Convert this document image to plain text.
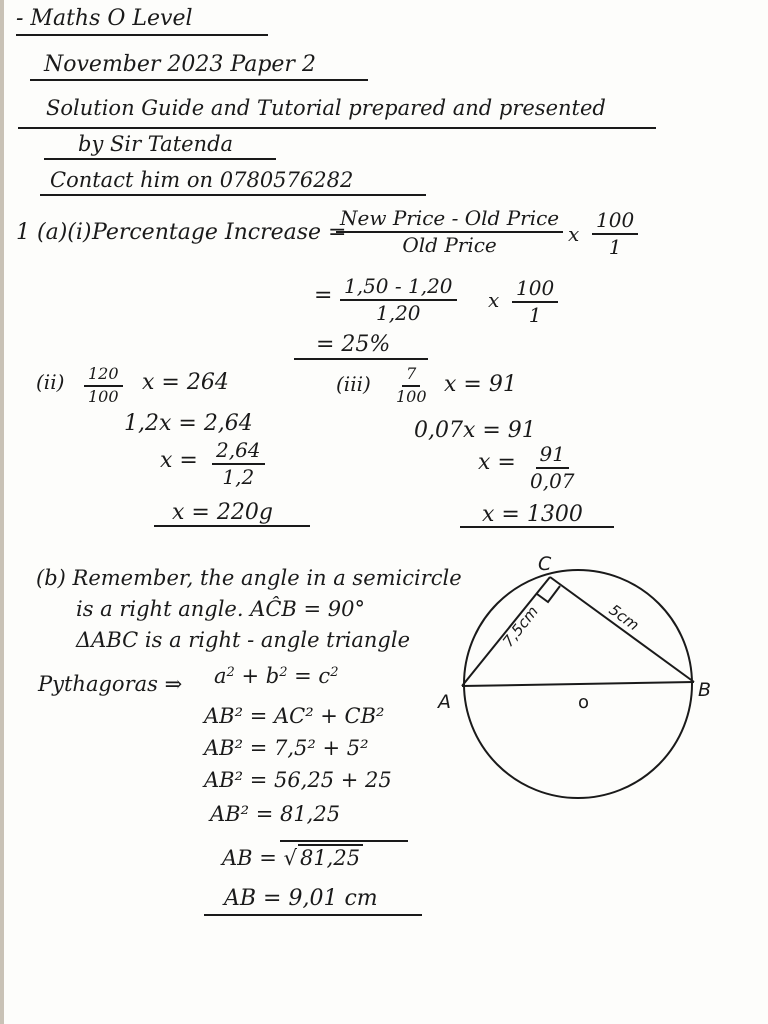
- Maths O Level
November 2023 Paper 2
Solution Guide and Tutorial prepared and presented
by Sir Tatenda
Contact him on 0780576282
1 (a)(i) Percentage Increase =
New Price - Old Price
Old Price	x $\frac{100}{1}$
= $\frac{1,50 - 1,20}{1,20}$ x $\frac{100}{1}$
= 25%
$(ii) \frac{120}{100}$ x = 264
1,2x = 2,64
$x = \frac{2,64}{1,2}$
x = 220g
$(iii) \frac{7}{100}$ x = 91
0,07x = 91
$x = \frac{91}{0,07}$
x = 1300
(b) Remember, the angle in a semicircle
is a right angle. AĈB = 90°
ΔABC is a right - angle triangle
Pythagoras ⇒ $a^2 + b^2 = c^2$
AB² = AC² + CB²
AB² = 7,5² + 5²
AB² = 56,25 + 25
AB² = 81,25
AB = √ 81,25
AB = 9,01 cm
A
B
C
o
7,5cm	5cm
